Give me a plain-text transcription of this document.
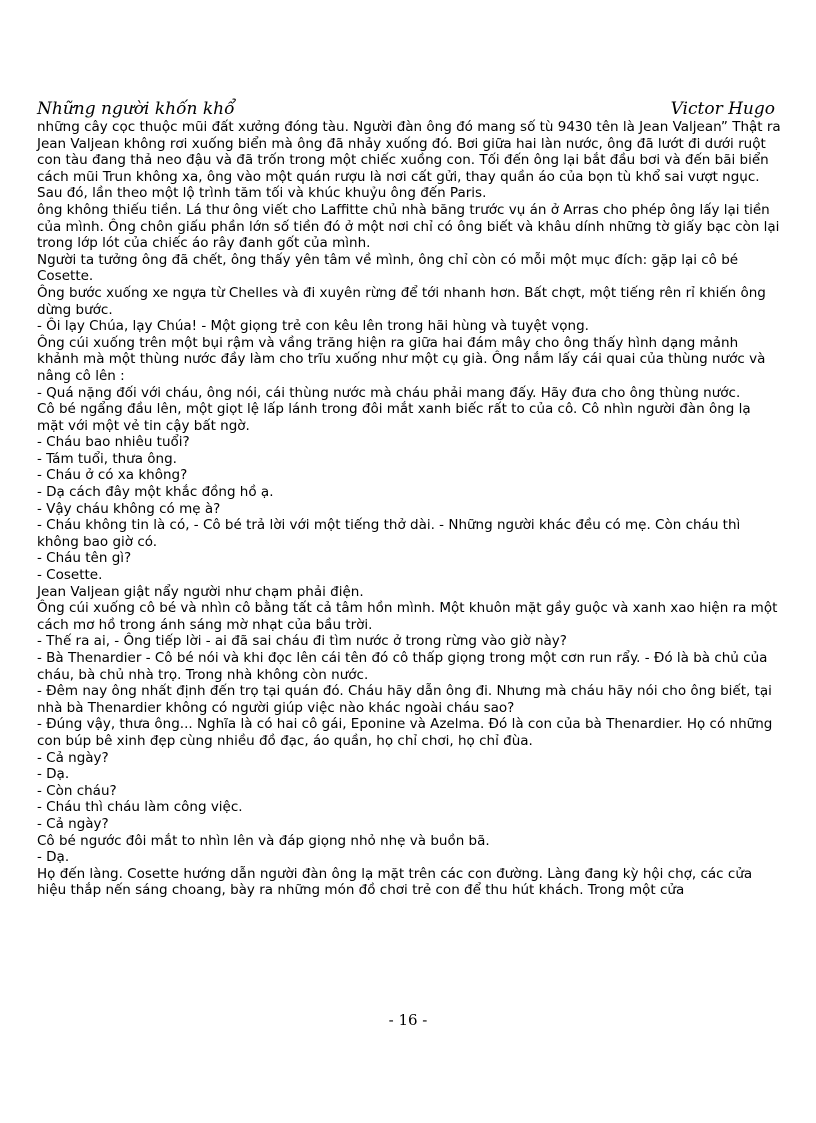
Những người khốn khổ	Victor Hugo

những cây cọc thuộc mũi đất xưởng đóng tàu. Người đàn ông đó mang số tù 9430 tên là Jean Valjean” Thật ra Jean Valjean không rơi xuống biển mà ông đã nhảy xuống đó. Bơi giữa hai làn nước, ông đã lướt đi dưới ruột con tàu đang thả neo đậu và đã trốn trong một chiếc xuồng con. Tối đến ông lại bắt đầu bơi và đến bãi biển cách mũi Trun không xa, ông vào một quán rượu là nơi cất gửi, thay quần áo của bọn tù khổ sai vượt ngục.

Sau đó, lần theo một lộ trình tăm tối và khúc khuỷu ông đến Paris.

ông không thiếu tiền. Lá thư ông viết cho Laffitte chủ nhà băng trước vụ án ở Arras cho phép ông lấy lại tiền của mình. Ông chôn giấu phần lớn số tiền đó ở một nơi chỉ có ông biết và khâu dính những tờ giấy bạc còn lại trong lớp lót của chiếc áo rây đanh gốt của mình.

Người ta tưởng ông đã chết, ông thấy yên tâm về mình, ông chỉ còn có mỗi một mục đích: gặp lại cô bé Cosette.

Ông bước xuống xe ngựa từ Chelles và đi xuyên rừng để tới nhanh hơn. Bất chợt, một tiếng rên rỉ khiến ông dừng bước.

- Ôi lạy Chúa, lạy Chúa! - Một giọng trẻ con kêu lên trong hãi hùng và tuyệt vọng.

Ông cúi xuống trên một bụi rậm và vầng trăng hiện ra giữa hai đám mây cho ông thấy hình dạng mảnh khảnh mà một thùng nước đầy làm cho trĩu xuống như một cụ già. Ông nắm lấy cái quai của thùng nước và nâng cô lên :

- Quá nặng đối với cháu, ông nói, cái thùng nước mà cháu phải mang đấy. Hãy đưa cho ông thùng nước.

Cô bé ngẩng đầu lên, một giọt lệ lấp lánh trong đôi mắt xanh biếc rất to của cô. Cô nhìn người đàn ông lạ mặt với một vẻ tin cậy bất ngờ.

- Cháu bao nhiêu tuổi?

- Tám tuổi, thưa ông.

- Cháu ở có xa không?

- Dạ cách đây một khắc đồng hồ ạ.

- Vậy cháu không có mẹ à?

- Cháu không tin là có, - Cô bé trả lời với một tiếng thở dài. - Những người khác đều có mẹ. Còn cháu thì không bao giờ có.

- Cháu tên gì?

- Cosette.

Jean Valjean giật nẩy người như chạm phải điện.

Ông cúi xuống cô bé và nhìn cô bằng tất cả tâm hồn mình. Một khuôn mặt gầy guộc và xanh xao hiện ra một cách mơ hồ trong ánh sáng mờ nhạt của bầu trời.

- Thế ra ai, - Ông tiếp lời - ai đã sai cháu đi tìm nước ở trong rừng vào giờ này?

- Bà Thenardier - Cô bé nói và khi đọc lên cái tên đó cô thấp giọng trong một cơn run rẩy. - Đó là bà chủ của cháu, bà chủ nhà trọ. Trong nhà không còn nước.

- Đêm nay ông nhất định đến trọ tại quán đó. Cháu hãy dẫn ông đi. Nhưng mà cháu hãy nói cho ông biết, tại nhà bà Thenardier không có người giúp việc nào khác ngoài cháu sao?

- Đúng vậy, thưa ông... Nghĩa là có hai cô gái, Eponine và Azelma. Đó là con của bà Thenardier. Họ có những con búp bê xinh đẹp cùng nhiều đồ đạc, áo quần, họ chỉ chơi, họ chỉ đùa.

- Cả ngày?

- Dạ.

- Còn cháu?

- Cháu thì cháu làm công việc.

- Cả ngày?

Cô bé ngước đôi mắt to nhìn lên và đáp giọng nhỏ nhẹ và buồn bã.

- Dạ.

Họ đến làng. Cosette hướng dẫn người đàn ông lạ mặt trên các con đường. Làng đang kỳ hội chợ, các cửa hiệu thắp nến sáng choang, bày ra những món đồ chơi trẻ con để thu hút khách. Trong một cửa

- 16 -
